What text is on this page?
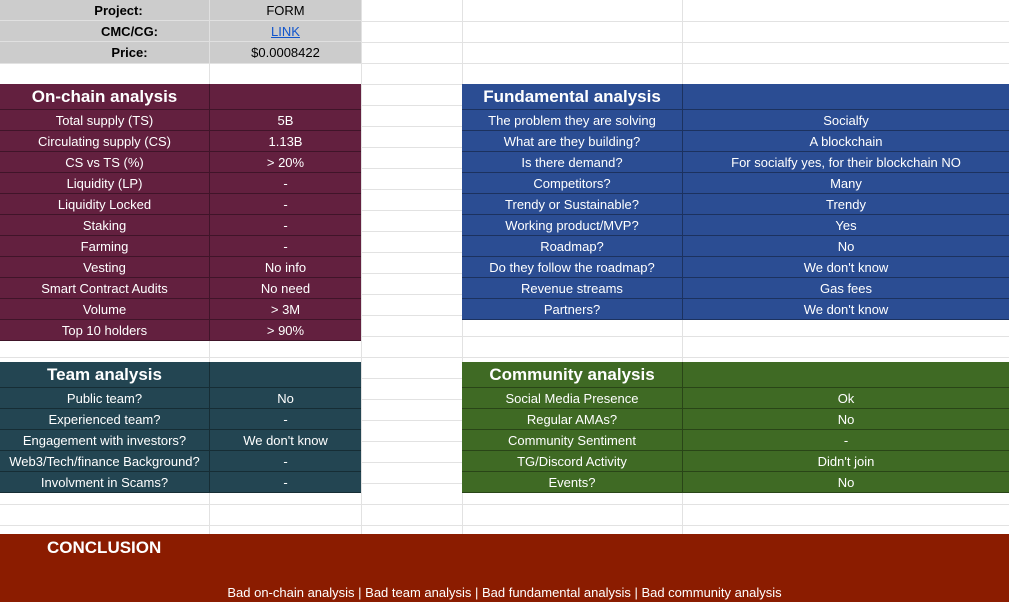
Project:	FORM
CMC/CG:	LINK
Price:	$0.0008422
On-chain analysis
Total supply (TS)	5B
Circulating supply (CS)	1.13B
CS vs TS (%)	> 20%
Liquidity (LP)	-
Liquidity Locked	-
Staking	-
Farming	-
Vesting	No info
Smart Contract Audits	No need
Volume	> 3M
Top 10 holders	> 90%
Fundamental analysis
The problem they are solving	Socialfy
What are they building?	A blockchain
Is there demand?	For socialfy yes, for their blockchain NO
Competitors?	Many
Trendy or Sustainable?	Trendy
Working product/MVP?	Yes
Roadmap?	No
Do they follow the roadmap?	We don't know
Revenue streams	Gas fees
Partners?	We don't know
Team analysis
Public team?	No
Experienced team?	-
Engagement with investors?	We don't know
Web3/Tech/finance Background?	-
Involvment in Scams?	-
Community analysis
Social Media Presence	Ok
Regular AMAs?	No
Community Sentiment	-
TG/Discord Activity	Didn't join
Events?	No
CONCLUSION
Bad on-chain analysis | Bad team analysis | Bad fundamental analysis | Bad community analysis
